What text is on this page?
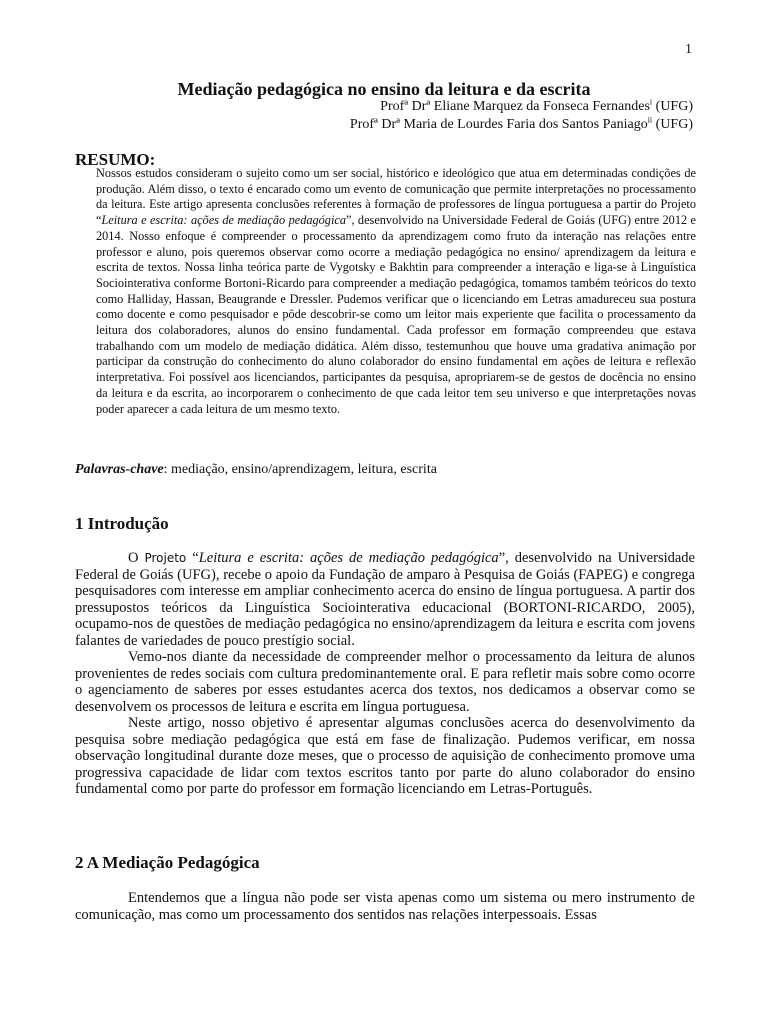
1
Mediação pedagógica no ensino da leitura e da escrita
Profª Drª Eliane Marquez da Fonseca Fernandes$^i$ (UFG)
Profª Drª Maria de Lourdes Faria dos Santos Paniago$^{ii}$ (UFG)
RESUMO:

Nossos estudos consideram o sujeito como um ser social, histórico e ideológico que atua em determinadas condições de produção. Além disso, o texto é encarado como um evento de comunicação que permite interpretações no processamento da leitura. Este artigo apresenta conclusões referentes à formação de professores de língua portuguesa a partir do Projeto “Leitura e escrita: ações de mediação pedagógica”, desenvolvido na Universidade Federal de Goiás (UFG) entre 2012 e 2014. Nosso enfoque é compreender o processamento da aprendizagem como fruto da interação nas relações entre professor e aluno, pois queremos observar como ocorre a mediação pedagógica no ensino/ aprendizagem da leitura e escrita de textos. Nossa linha teórica parte de Vygotsky e Bakhtin para compreender a interação e liga-se à Linguística Sociointerativa conforme Bortoni-Ricardo para compreender a mediação pedagógica, tomamos também teóricos do texto como Halliday, Hassan, Beaugrande e Dressler. Pudemos verificar que o licenciando em Letras amadureceu sua postura como docente e como pesquisador e pôde descobrir-se como um leitor mais experiente que facilita o processamento da leitura dos colaboradores, alunos do ensino fundamental. Cada professor em formação compreendeu que estava trabalhando com um modelo de mediação didática. Além disso, testemunhou que houve uma gradativa animação por participar da construção do conhecimento do aluno colaborador do ensino fundamental em ações de leitura e reflexão interpretativa. Foi possível aos licenciandos, participantes da pesquisa, apropriarem-se de gestos de docência no ensino da leitura e da escrita, ao incorporarem o conhecimento de que cada leitor tem seu universo e que interpretações novas poder aparecer a cada leitura de um mesmo texto.

Palavras-chave: mediação, ensino/aprendizagem, leitura, escrita

1 Introdução

O Projeto “Leitura e escrita: ações de mediação pedagógica”, desenvolvido na Universidade Federal de Goiás (UFG), recebe o apoio da Fundação de amparo à Pesquisa de Goiás (FAPEG) e congrega pesquisadores com interesse em ampliar conhecimento acerca do ensino de língua portuguesa. A partir dos pressupostos teóricos da Linguística Sociointerativa educacional (BORTONI-RICARDO, 2005), ocupamo-nos de questões de mediação pedagógica no ensino/aprendizagem da leitura e escrita com jovens falantes de variedades de pouco prestígio social.

Vemo-nos diante da necessidade de compreender melhor o processamento da leitura de alunos provenientes de redes sociais com cultura predominantemente oral. E para refletir mais sobre como ocorre o agenciamento de saberes por esses estudantes acerca dos textos, nos dedicamos a observar como se desenvolvem os processos de leitura e escrita em língua portuguesa.

Neste artigo, nosso objetivo é apresentar algumas conclusões acerca do desenvolvimento da pesquisa sobre mediação pedagógica que está em fase de finalização. Pudemos verificar, em nossa observação longitudinal durante doze meses, que o processo de aquisição de conhecimento promove uma progressiva capacidade de lidar com textos escritos tanto por parte do aluno colaborador do ensino fundamental como por parte do professor em formação licenciando em Letras-Português.

2 A Mediação Pedagógica

Entendemos que a língua não pode ser vista apenas como um sistema ou mero instrumento de comunicação, mas como um processamento dos sentidos nas relações interpessoais. Essas
